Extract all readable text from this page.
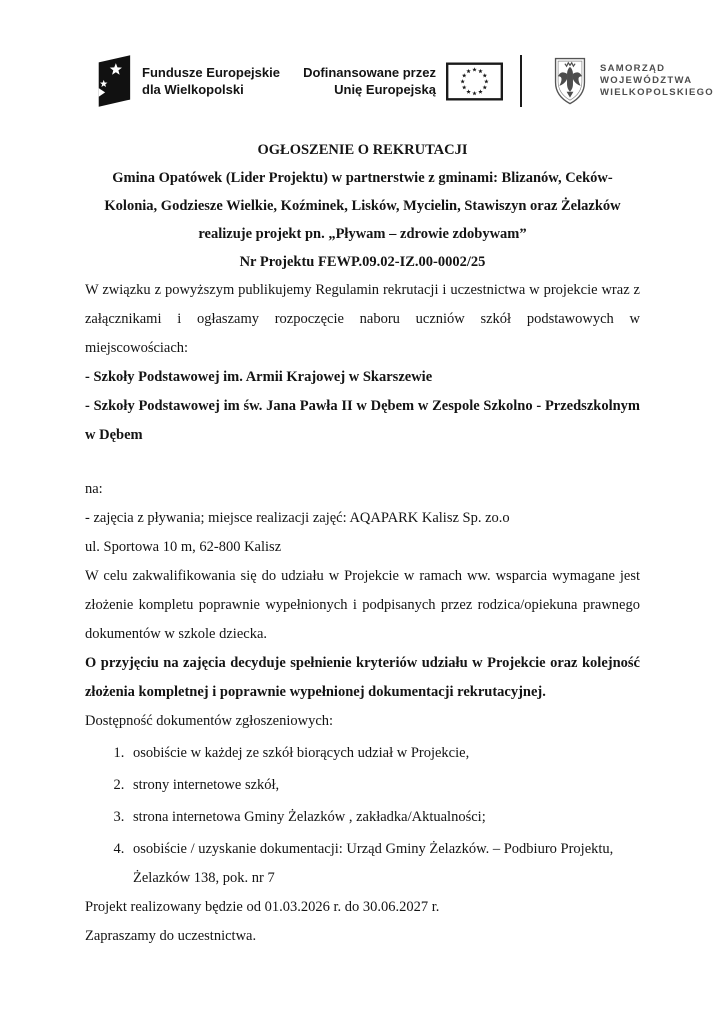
Fundusze Europejskie
dla Wielkopolski
Dofinansowane przez
Unię Europejską
SAMORZĄD
WOJEWÓDZTWA
WIELKOPOLSKIEGO
OGŁOSZENIE O REKRUTACJI
Gmina Opatówek (Lider Projektu) w partnerstwie z gminami: Blizanów, Ceków-
Kolonia, Godziesze Wielkie, Koźminek, Lisków, Mycielin, Stawiszyn oraz Żelazków
realizuje projekt pn. „Pływam – zdrowie zdobywam”
Nr Projektu FEWP.09.02-IZ.00-0002/25

W związku z powyższym publikujemy Regulamin rekrutacji i uczestnictwa w projekcie wraz z załącznikami i ogłaszamy rozpoczęcie naboru uczniów szkół podstawowych w miejscowościach:

- Szkoły Podstawowej im. Armii Krajowej w Skarszewie

- Szkoły Podstawowej im św. Jana Pawła II w Dębem w Zespole Szkolno - Przedszkolnym w Dębem

na:

- zajęcia z pływania; miejsce realizacji zajęć: AQAPARK Kalisz Sp. zo.o

ul. Sportowa 10 m, 62-800 Kalisz

W celu zakwalifikowania się do udziału w Projekcie w ramach ww. wsparcia wymagane jest złożenie kompletu poprawnie wypełnionych i podpisanych przez rodzica/opiekuna prawnego dokumentów w szkole dziecka.

O przyjęciu na zajęcia decyduje spełnienie kryteriów udziału w Projekcie oraz kolejność złożenia kompletnej i poprawnie wypełnionej dokumentacji rekrutacyjnej.

Dostępność dokumentów zgłoszeniowych:

1. osobiście w każdej ze szkół biorących udział w Projekcie,
2. strony internetowe szkół,
3. strona internetowa Gminy Żelazków , zakładka/Aktualności;
4. osobiście / uzyskanie dokumentacji: Urząd Gminy Żelazków. – Podbiuro Projektu, Żelazków 138, pok. nr 7

Projekt realizowany będzie od 01.03.2026 r. do 30.06.2027 r.

Zapraszamy do uczestnictwa.
